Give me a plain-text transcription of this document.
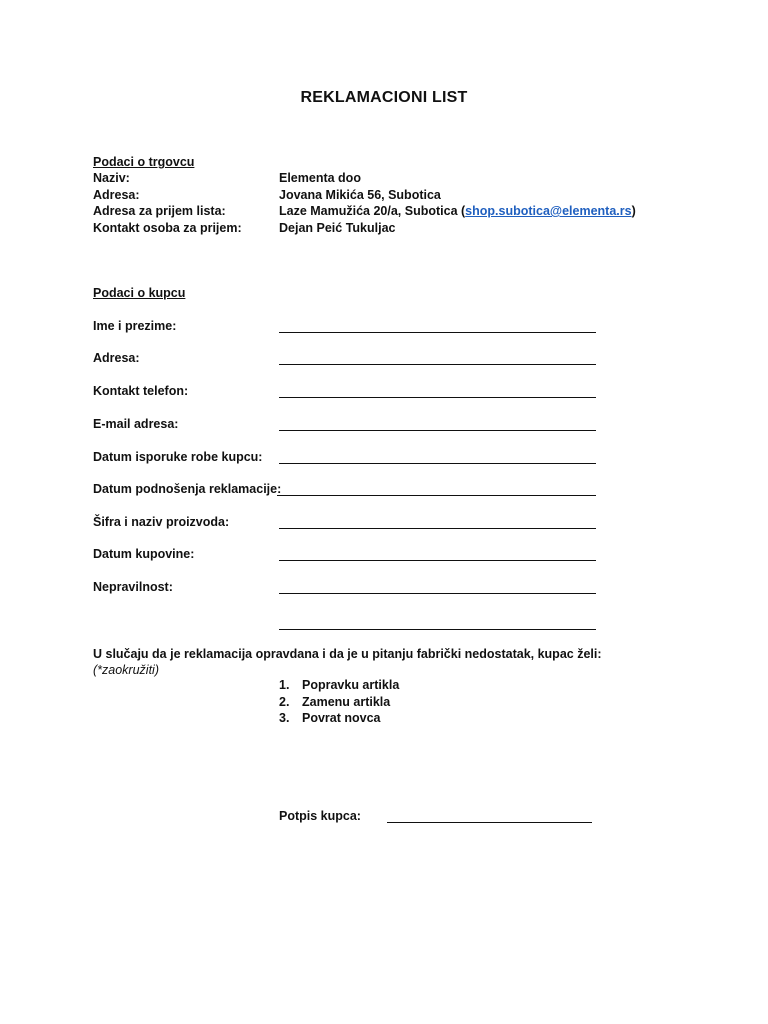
REKLAMACIONI LIST
Podaci o trgovcu
Naziv:	Elementa doo
Adresa:	Jovana Mikića 56, Subotica
Adresa za prijem lista:	Laze Mamužića 20/a, Subotica (shop.subotica@elementa.rs)
Kontakt osoba za prijem:	Dejan Peić Tukuljac
Podaci o kupcu
Ime i prezime:
Adresa:
Kontakt telefon:
E-mail adresa:
Datum isporuke robe kupcu:
Datum podnošenja reklamacije:
Šifra i naziv proizvoda:
Datum kupovine:
Nepravilnost:
U slučaju da je reklamacija opravdana i da je u pitanju fabrički nedostatak, kupac želi:
(*zaokružiti)
1. Popravku artikla
2. Zamenu artikla
3. Povrat novca
Potpis kupca:
